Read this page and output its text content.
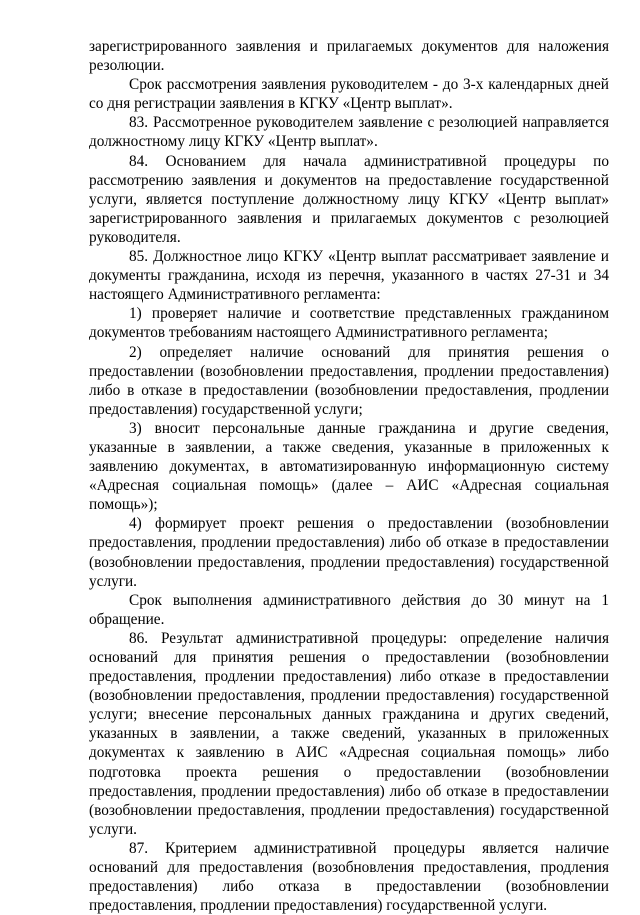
зарегистрированного заявления и прилагаемых документов для наложения резолюции.

Срок рассмотрения заявления руководителем - до 3-х календарных дней со дня регистрации заявления в КГКУ «Центр выплат».

83. Рассмотренное руководителем заявление с резолюцией направляется должностному лицу КГКУ «Центр выплат».

84. Основанием для начала административной процедуры по рассмотрению заявления и документов на предоставление государственной услуги, является поступление должностному лицу КГКУ «Центр выплат» зарегистрированного заявления и прилагаемых документов с резолюцией руководителя.

85. Должностное лицо КГКУ «Центр выплат рассматривает заявление и документы гражданина, исходя из перечня, указанного в частях 27-31 и 34 настоящего Административного регламента:

1) проверяет наличие и соответствие представленных гражданином документов требованиям настоящего Административного регламента;

2) определяет наличие оснований для принятия решения о предоставлении (возобновлении предоставления, продлении предоставления) либо в отказе в предоставлении (возобновлении предоставления, продлении предоставления) государственной услуги;

3) вносит персональные данные гражданина и другие сведения, указанные в заявлении, а также сведения, указанные в приложенных к заявлению документах, в автоматизированную информационную систему «Адресная социальная помощь» (далее – АИС «Адресная социальная помощь»);

4) формирует проект решения о предоставлении (возобновлении предоставления, продлении предоставления) либо об отказе в предоставлении (возобновлении предоставления, продлении предоставления) государственной услуги.

Срок выполнения административного действия до 30 минут на 1 обращение.

86. Результат административной процедуры: определение наличия оснований для принятия решения о предоставлении (возобновлении предоставления, продлении предоставления) либо отказе в предоставлении (возобновлении предоставления, продлении предоставления) государственной услуги; внесение персональных данных гражданина и других сведений, указанных в заявлении, а также сведений, указанных в приложенных документах к заявлению в АИС «Адресная социальная помощь» либо подготовка проекта решения о предоставлении (возобновлении предоставления, продлении предоставления) либо об отказе в предоставлении (возобновлении предоставления, продлении предоставления) государственной услуги.

87. Критерием административной процедуры является наличие оснований для предоставления (возобновления предоставления, продления предоставления) либо отказа в предоставлении (возобновлении предоставления, продлении предоставления) государственной услуги.
